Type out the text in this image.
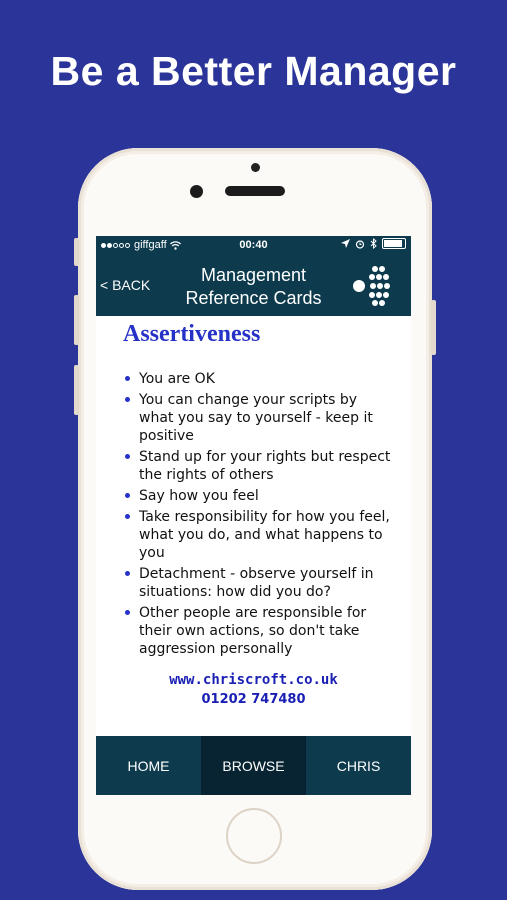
Be a Better Manager
giffgaff	00:40
< BACK	Management
Reference Cards
Assertiveness
You are OK
You can change your scripts by what you say to yourself - keep it positive
Stand up for your rights but respect the rights of others
Say how you feel
Take responsibility for how you feel, what you do, and what happens to you
Detachment - observe yourself in situations: how did you do?
Other people are responsible for their own actions, so don't take aggression personally
www.chriscroft.co.uk
01202 747480
HOME	BROWSE	CHRIS
